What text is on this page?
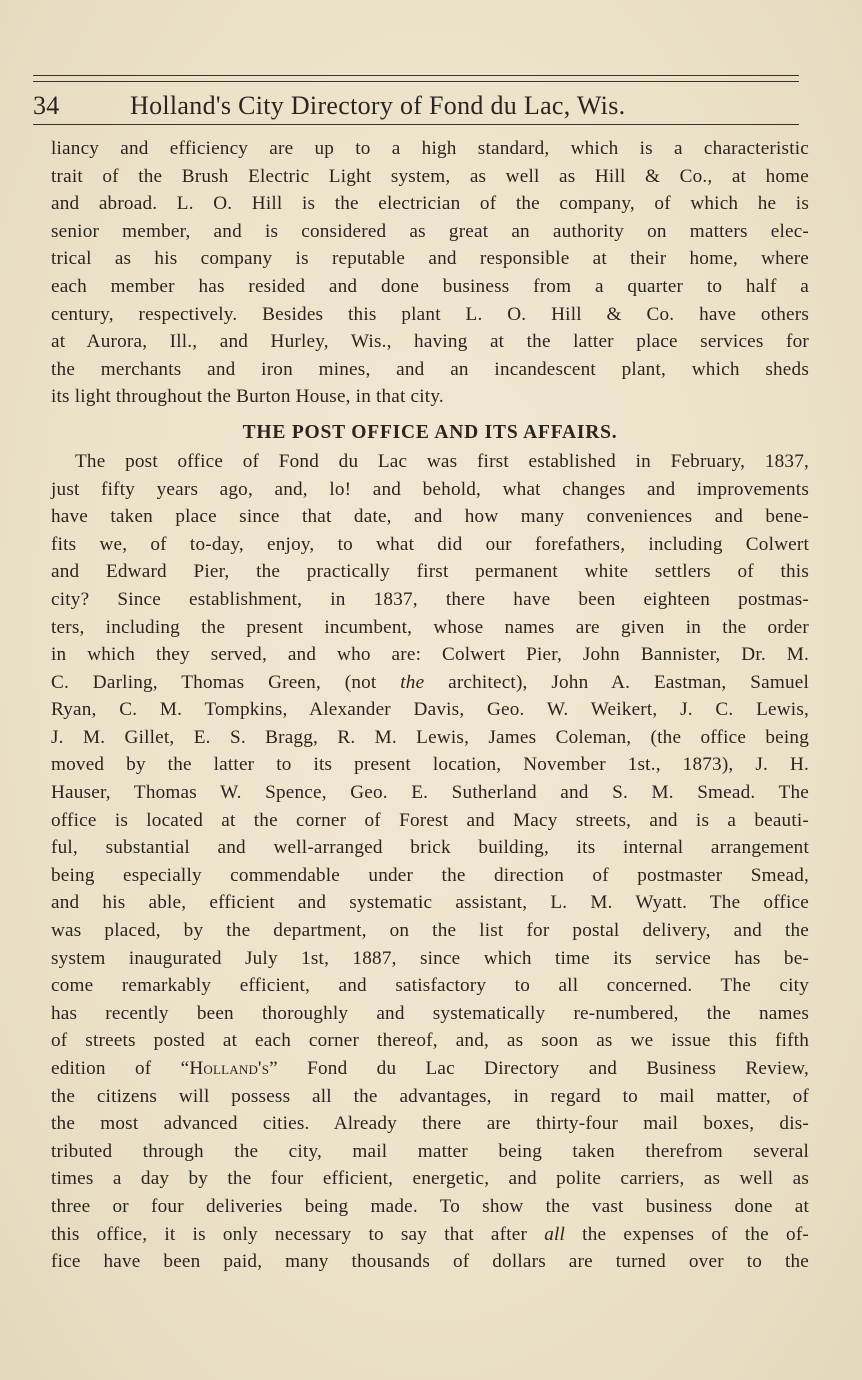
34	Holland's City Directory of Fond du Lac, Wis.
liancy and efficiency are up to a high standard, which is a characteristic
trait of the Brush Electric Light system, as well as Hill & Co., at home
and abroad. L. O. Hill is the electrician of the company, of which he is
senior member, and is considered as great an authority on matters elec-
trical as his company is reputable and responsible at their home, where
each member has resided and done business from a quarter to half a
century, respectively. Besides this plant L. O. Hill & Co. have others
at Aurora, Ill., and Hurley, Wis., having at the latter place services for
the merchants and iron mines, and an incandescent plant, which sheds
its light throughout the Burton House, in that city.
THE POST OFFICE AND ITS AFFAIRS.
The post office of Fond du Lac was first established in February, 1837,
just fifty years ago, and, lo! and behold, what changes and improvements
have taken place since that date, and how many conveniences and bene-
fits we, of to-day, enjoy, to what did our forefathers, including Colwert
and Edward Pier, the practically first permanent white settlers of this
city? Since establishment, in 1837, there have been eighteen postmas-
ters, including the present incumbent, whose names are given in the order
in which they served, and who are: Colwert Pier, John Bannister, Dr. M.
C. Darling, Thomas Green, (not the architect), John A. Eastman, Samuel
Ryan, C. M. Tompkins, Alexander Davis, Geo. W. Weikert, J. C. Lewis,
J. M. Gillet, E. S. Bragg, R. M. Lewis, James Coleman, (the office being
moved by the latter to its present location, November 1st., 1873), J. H.
Hauser, Thomas W. Spence, Geo. E. Sutherland and S. M. Smead. The
office is located at the corner of Forest and Macy streets, and is a beauti-
ful, substantial and well-arranged brick building, its internal arrangement
being especially commendable under the direction of postmaster Smead,
and his able, efficient and systematic assistant, L. M. Wyatt. The office
was placed, by the department, on the list for postal delivery, and the
system inaugurated July 1st, 1887, since which time its service has be-
come remarkably efficient, and satisfactory to all concerned. The city
has recently been thoroughly and systematically re-numbered, the names
of streets posted at each corner thereof, and, as soon as we issue this fifth
edition of “Holland's” Fond du Lac Directory and Business Review,
the citizens will possess all the advantages, in regard to mail matter, of
the most advanced cities. Already there are thirty-four mail boxes, dis-
tributed through the city, mail matter being taken therefrom several
times a day by the four efficient, energetic, and polite carriers, as well as
three or four deliveries being made. To show the vast business done at
this office, it is only necessary to say that after all the expenses of the of-
fice have been paid, many thousands of dollars are turned over to the
